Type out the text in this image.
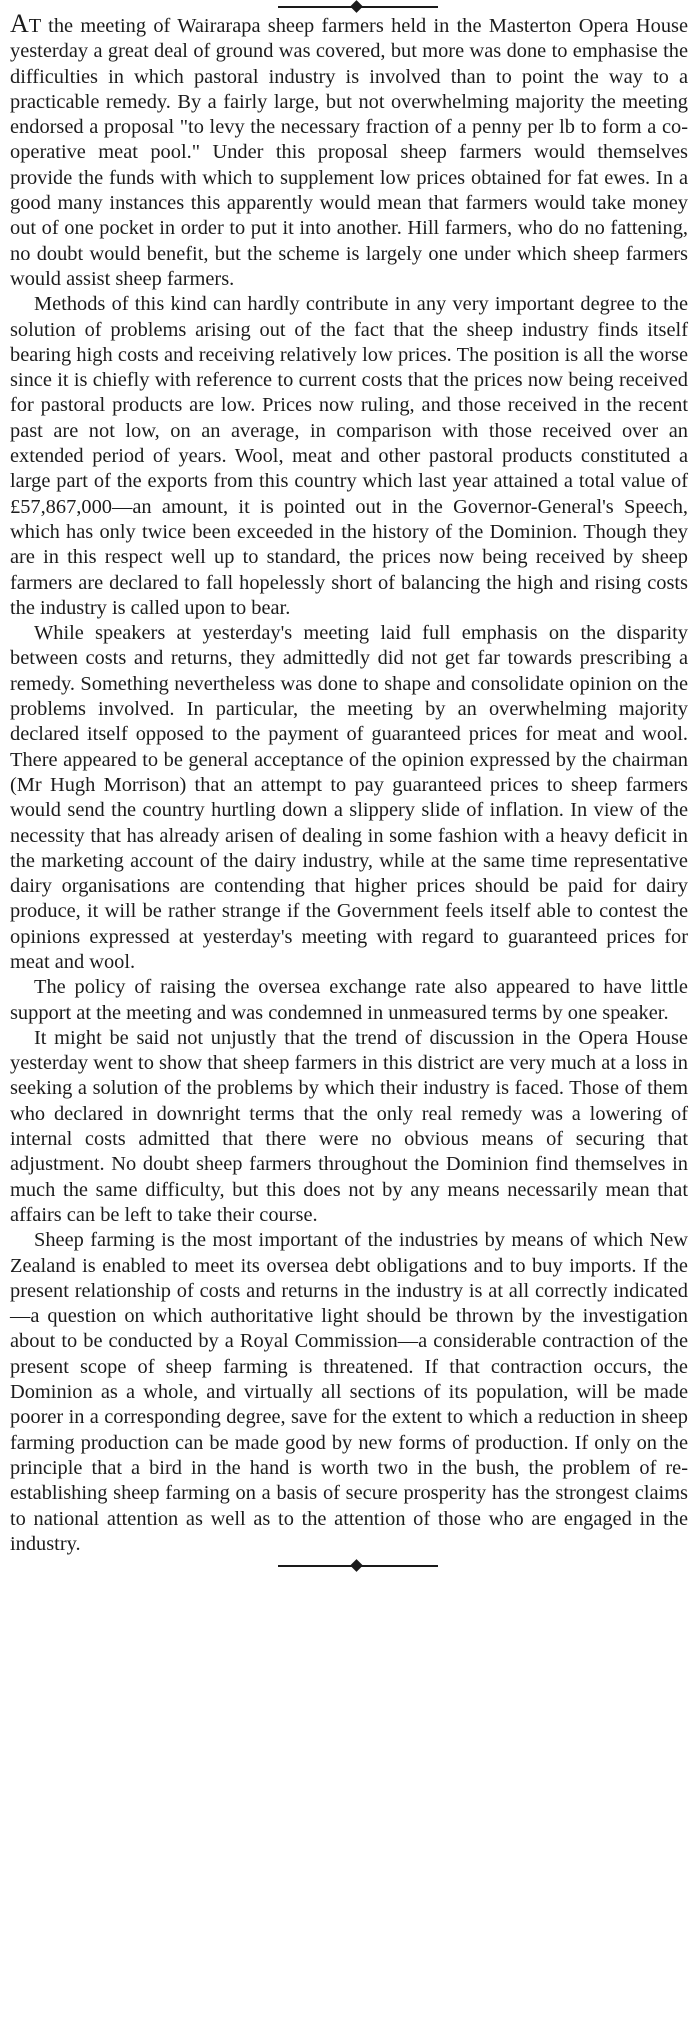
AT the meeting of Wairarapa sheep farmers held in the Masterton Opera House yesterday a great deal of ground was covered, but more was done to emphasise the difficulties in which pastoral industry is involved than to point the way to a practicable remedy. By a fairly large, but not overwhelming majority the meeting endorsed a proposal "to levy the necessary fraction of a penny per lb to form a co-operative meat pool." Under this proposal sheep farmers would themselves provide the funds with which to supplement low prices obtained for fat ewes. In a good many instances this apparently would mean that farmers would take money out of one pocket in order to put it into another. Hill farmers, who do no fattening, no doubt would benefit, but the scheme is largely one under which sheep farmers would assist sheep farmers.

Methods of this kind can hardly contribute in any very important degree to the solution of problems arising out of the fact that the sheep industry finds itself bearing high costs and receiving relatively low prices. The position is all the worse since it is chiefly with reference to current costs that the prices now being received for pastoral products are low. Prices now ruling, and those received in the recent past are not low, on an average, in comparison with those received over an extended period of years. Wool, meat and other pastoral products constituted a large part of the exports from this country which last year attained a total value of £57,867,000—an amount, it is pointed out in the Governor-General's Speech, which has only twice been exceeded in the history of the Dominion. Though they are in this respect well up to standard, the prices now being received by sheep farmers are declared to fall hopelessly short of balancing the high and rising costs the industry is called upon to bear.

While speakers at yesterday's meeting laid full emphasis on the disparity between costs and returns, they admittedly did not get far towards prescribing a remedy. Something nevertheless was done to shape and consolidate opinion on the problems involved. In particular, the meeting by an overwhelming majority declared itself opposed to the payment of guaranteed prices for meat and wool. There appeared to be general acceptance of the opinion expressed by the chairman (Mr Hugh Morrison) that an attempt to pay guaranteed prices to sheep farmers would send the country hurtling down a slippery slide of inflation. In view of the necessity that has already arisen of dealing in some fashion with a heavy deficit in the marketing account of the dairy industry, while at the same time representative dairy organisations are contending that higher prices should be paid for dairy produce, it will be rather strange if the Government feels itself able to contest the opinions expressed at yesterday's meeting with regard to guaranteed prices for meat and wool.

The policy of raising the oversea exchange rate also appeared to have little support at the meeting and was condemned in unmeasured terms by one speaker.

It might be said not unjustly that the trend of discussion in the Opera House yesterday went to show that sheep farmers in this district are very much at a loss in seeking a solution of the problems by which their industry is faced. Those of them who declared in downright terms that the only real remedy was a lowering of internal costs admitted that there were no obvious means of securing that adjustment. No doubt sheep farmers throughout the Dominion find themselves in much the same difficulty, but this does not by any means necessarily mean that affairs can be left to take their course.

Sheep farming is the most important of the industries by means of which New Zealand is enabled to meet its oversea debt obligations and to buy imports. If the present relationship of costs and returns in the industry is at all correctly indicated —a question on which authoritative light should be thrown by the investigation about to be conducted by a Royal Commission—a considerable contraction of the present scope of sheep farming is threatened. If that contraction occurs, the Dominion as a whole, and virtually all sections of its population, will be made poorer in a corresponding degree, save for the extent to which a reduction in sheep farming production can be made good by new forms of production. If only on the principle that a bird in the hand is worth two in the bush, the problem of re-establishing sheep farming on a basis of secure prosperity has the strongest claims to national attention as well as to the attention of those who are engaged in the industry.
